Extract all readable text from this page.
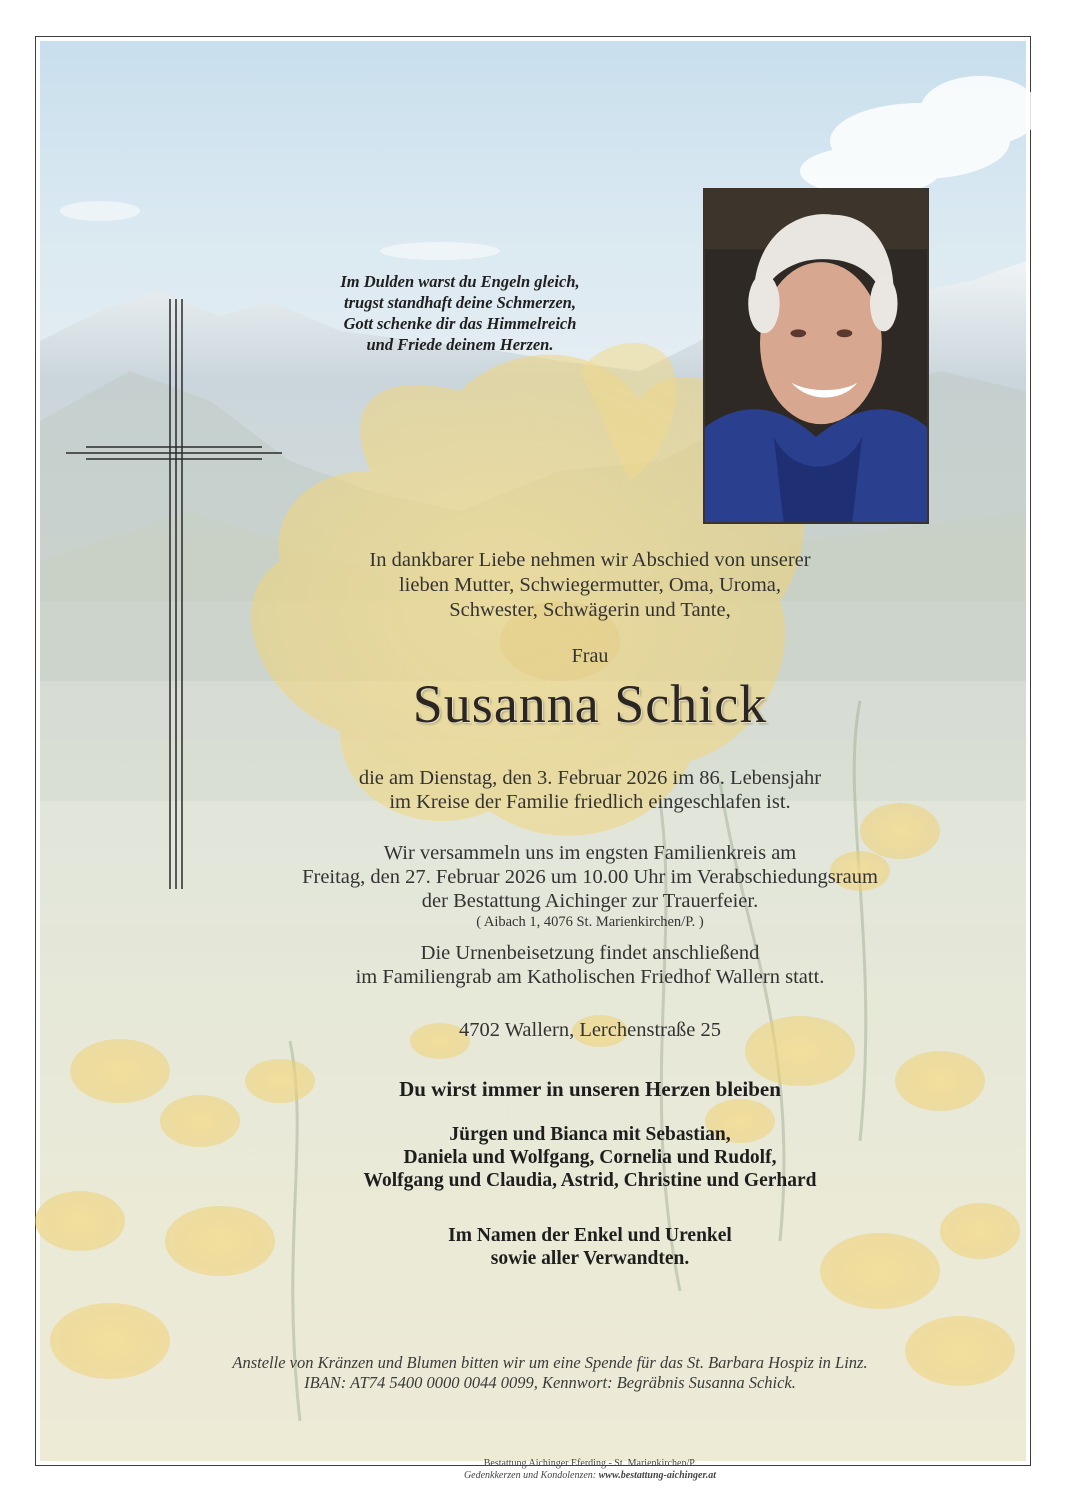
Im Dulden warst du Engeln gleich,
trugst standhaft deine Schmerzen,
Gott schenke dir das Himmelreich
und Friede deinem Herzen.
In dankbarer Liebe nehmen wir Abschied von unserer
lieben Mutter, Schwiegermutter, Oma, Uroma,
Schwester, Schwägerin und Tante,
Frau
Susanna Schick
die am Dienstag, den 3. Februar 2026 im 86. Lebensjahr
im Kreise der Familie friedlich eingeschlafen ist.
Wir versammeln uns im engsten Familienkreis am
Freitag, den 27. Februar 2026 um 10.00 Uhr im Verabschiedungsraum
der Bestattung Aichinger zur Trauerfeier.
( Aibach 1, 4076 St. Marienkirchen/P. )
Die Urnenbeisetzung findet anschließend
im Familiengrab am Katholischen Friedhof Wallern statt.
4702 Wallern, Lerchenstraße 25
Du wirst immer in unseren Herzen bleiben
Jürgen und Bianca mit Sebastian,
Daniela und Wolfgang, Cornelia und Rudolf,
Wolfgang und Claudia, Astrid, Christine und Gerhard
Im Namen der Enkel und Urenkel
sowie aller Verwandten.
Anstelle von Kränzen und Blumen bitten wir um eine Spende für das St. Barbara Hospiz in Linz.
IBAN: AT74 5400 0000 0044 0099, Kennwort: Begräbnis Susanna Schick.
Bestattung Aichinger Eferding - St. Marienkirchen/P.
Gedenkkerzen und Kondolenzen: www.bestattung-aichinger.at
